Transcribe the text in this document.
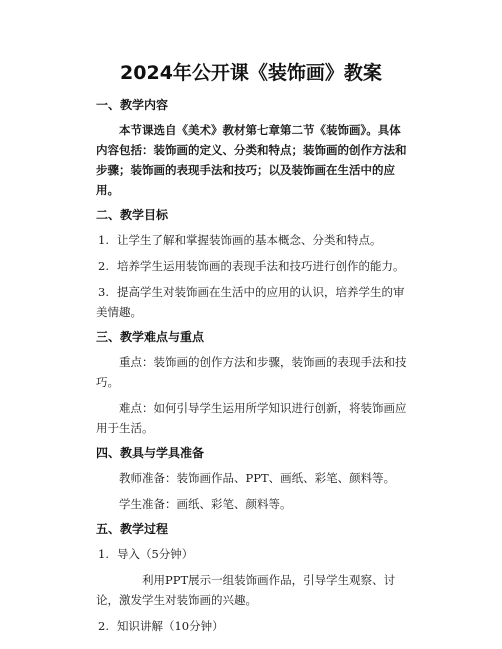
2024年公开课《装饰画》教案
一、教学内容
本节课选自《美术》教材第七章第二节《装饰画》。具体内容包括：装饰画的定义、分类和特点；装饰画的创作方法和步骤；装饰画的表现手法和技巧；以及装饰画在生活中的应用。
二、教学目标
1. 让学生了解和掌握装饰画的基本概念、分类和特点。
2. 培养学生运用装饰画的表现手法和技巧进行创作的能力。
3. 提高学生对装饰画在生活中的应用的认识，培养学生的审美情趣。
三、教学难点与重点
重点：装饰画的创作方法和步骤，装饰画的表现手法和技巧。
难点：如何引导学生运用所学知识进行创新，将装饰画应用于生活。
四、教具与学具准备
教师准备：装饰画作品、PPT、画纸、彩笔、颜料等。
学生准备：画纸、彩笔、颜料等。
五、教学过程
1. 导入（5分钟）
利用PPT展示一组装饰画作品，引导学生观察、讨论，激发学生对装饰画的兴趣。
2. 知识讲解（10分钟）
